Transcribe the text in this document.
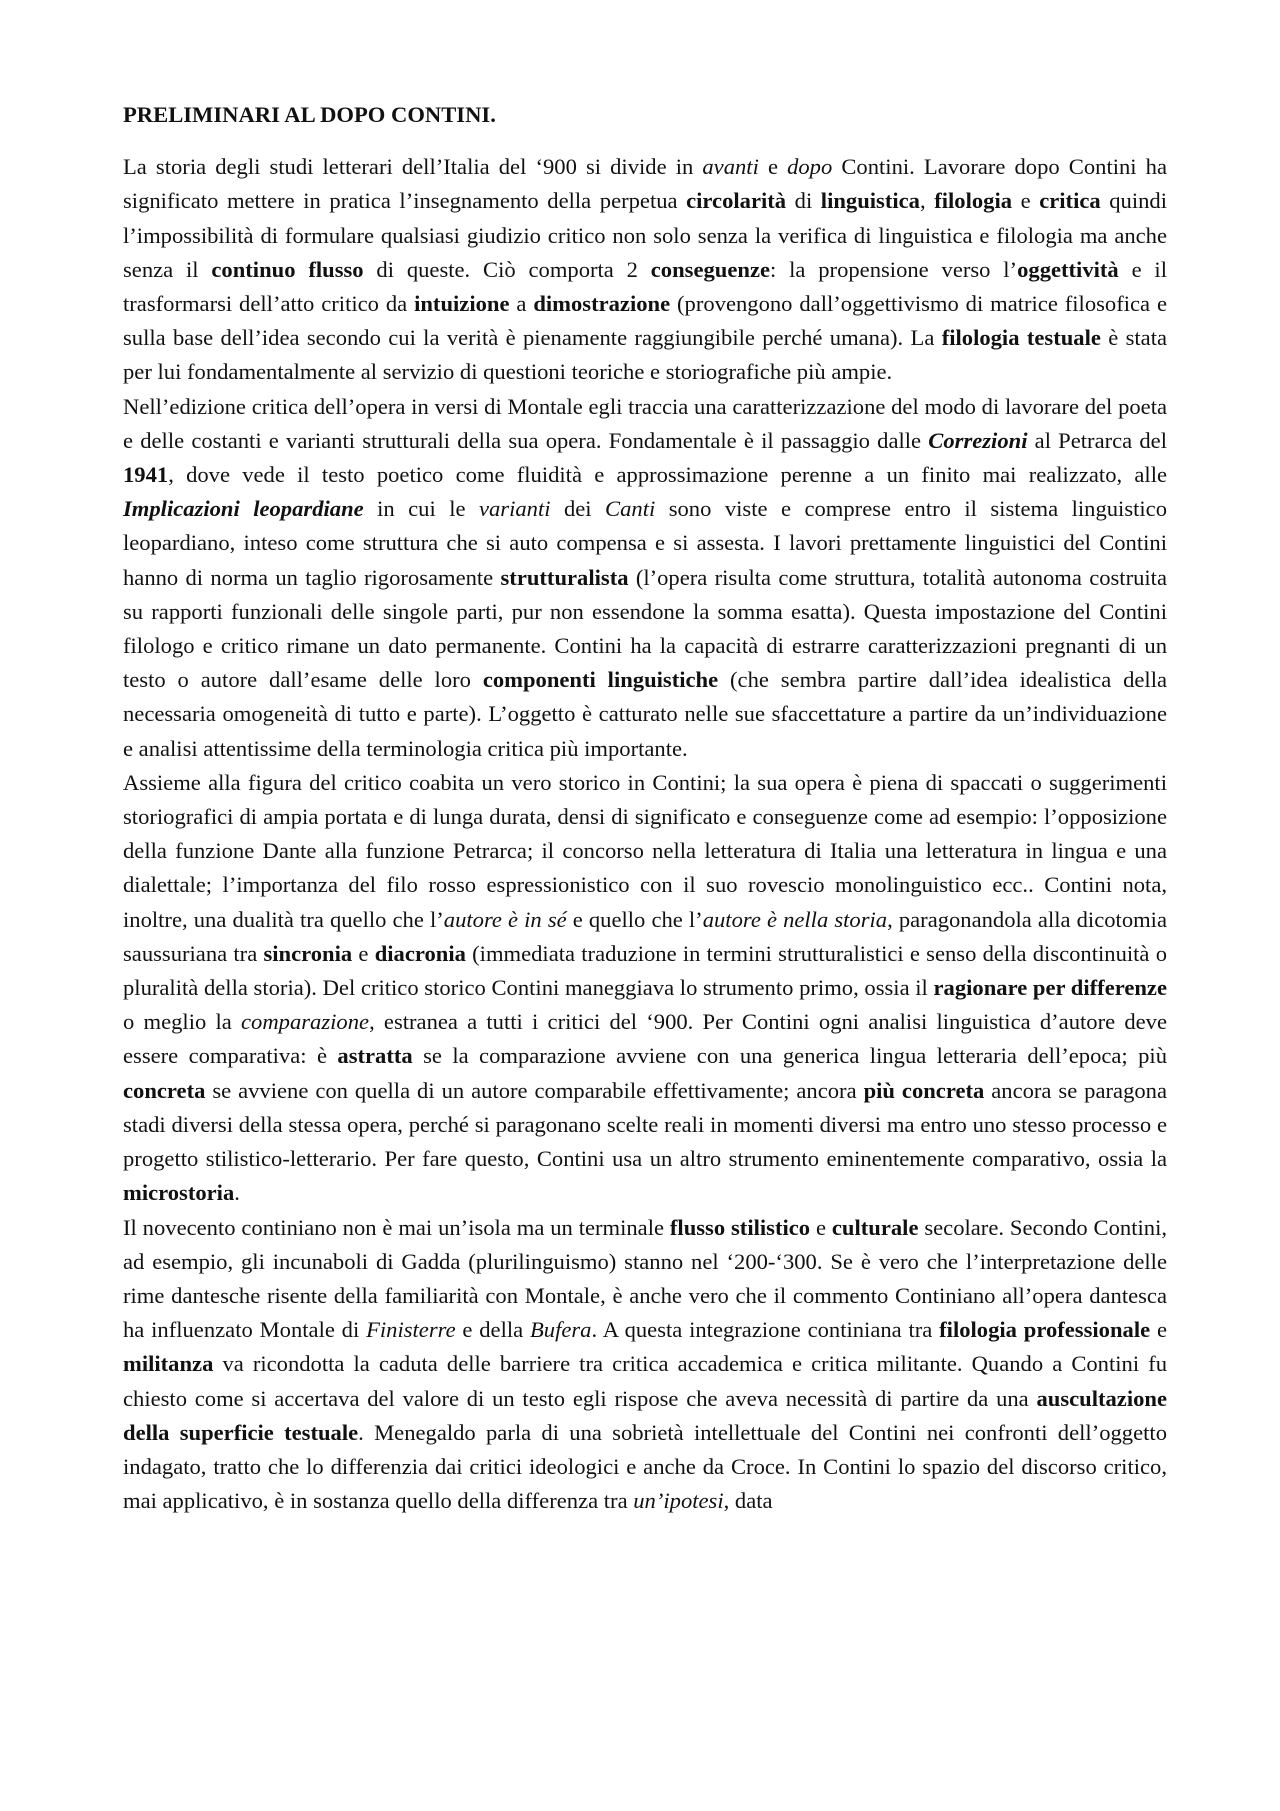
PRELIMINARI AL DOPO CONTINI.

La storia degli studi letterari dell’Italia del ‘900 si divide in avanti e dopo Contini. Lavorare dopo Contini ha significato mettere in pratica l’insegnamento della perpetua circolarità di linguistica, filologia e critica quindi l’impossibilità di formulare qualsiasi giudizio critico non solo senza la verifica di linguistica e filologia ma anche senza il continuo flusso di queste. Ciò comporta 2 conseguenze: la propensione verso l’oggettività e il trasformarsi dell’atto critico da intuizione a dimostrazione (provengono dall’oggettivismo di matrice filosofica e sulla base dell’idea secondo cui la verità è pienamente raggiungibile perché umana). La filologia testuale è stata per lui fondamentalmente al servizio di questioni teoriche e storiografiche più ampie.

Nell’edizione critica dell’opera in versi di Montale egli traccia una caratterizzazione del modo di lavorare del poeta e delle costanti e varianti strutturali della sua opera. Fondamentale è il passaggio dalle Correzioni al Petrarca del 1941, dove vede il testo poetico come fluidità e approssimazione perenne a un finito mai realizzato, alle Implicazioni leopardiane in cui le varianti dei Canti sono viste e comprese entro il sistema linguistico leopardiano, inteso come struttura che si auto compensa e si assesta. I lavori prettamente linguistici del Contini hanno di norma un taglio rigorosamente strutturalista (l’opera risulta come struttura, totalità autonoma costruita su rapporti funzionali delle singole parti, pur non essendone la somma esatta). Questa impostazione del Contini filologo e critico rimane un dato permanente. Contini ha la capacità di estrarre caratterizzazioni pregnanti di un testo o autore dall’esame delle loro componenti linguistiche (che sembra partire dall’idea idealistica della necessaria omogeneità di tutto e parte). L’oggetto è catturato nelle sue sfaccettature a partire da un’individuazione e analisi attentissime della terminologia critica più importante.

Assieme alla figura del critico coabita un vero storico in Contini; la sua opera è piena di spaccati o suggerimenti storiografici di ampia portata e di lunga durata, densi di significato e conseguenze come ad esempio: l’opposizione della funzione Dante alla funzione Petrarca; il concorso nella letteratura di Italia una letteratura in lingua e una dialettale; l’importanza del filo rosso espressionistico con il suo rovescio monolinguistico ecc.. Contini nota, inoltre, una dualità tra quello che l’autore è in sé e quello che l’autore è nella storia, paragonandola alla dicotomia saussuriana tra sincronia e diacronia (immediata traduzione in termini strutturalistici e senso della discontinuità o pluralità della storia). Del critico storico Contini maneggiava lo strumento primo, ossia il ragionare per differenze o meglio la comparazione, estranea a tutti i critici del ‘900. Per Contini ogni analisi linguistica d’autore deve essere comparativa: è astratta se la comparazione avviene con una generica lingua letteraria dell’epoca; più concreta se avviene con quella di un autore comparabile effettivamente; ancora più concreta ancora se paragona stadi diversi della stessa opera, perché si paragonano scelte reali in momenti diversi ma entro uno stesso processo e progetto stilistico-letterario. Per fare questo, Contini usa un altro strumento eminentemente comparativo, ossia la microstoria.

Il novecento continiano non è mai un’isola ma un terminale flusso stilistico e culturale secolare. Secondo Contini, ad esempio, gli incunaboli di Gadda (plurilinguismo) stanno nel ‘200-‘300. Se è vero che l’interpretazione delle rime dantesche risente della familiarità con Montale, è anche vero che il commento Continiano all’opera dantesca ha influenzato Montale di Finisterre e della Bufera. A questa integrazione continiana tra filologia professionale e militanza va ricondotta la caduta delle barriere tra critica accademica e critica militante. Quando a Contini fu chiesto come si accertava del valore di un testo egli rispose che aveva necessità di partire da una auscultazione della superficie testuale. Menegaldo parla di una sobrietà intellettuale del Contini nei confronti dell’oggetto indagato, tratto che lo differenzia dai critici ideologici e anche da Croce. In Contini lo spazio del discorso critico, mai applicativo, è in sostanza quello della differenza tra un’ipotesi, data
